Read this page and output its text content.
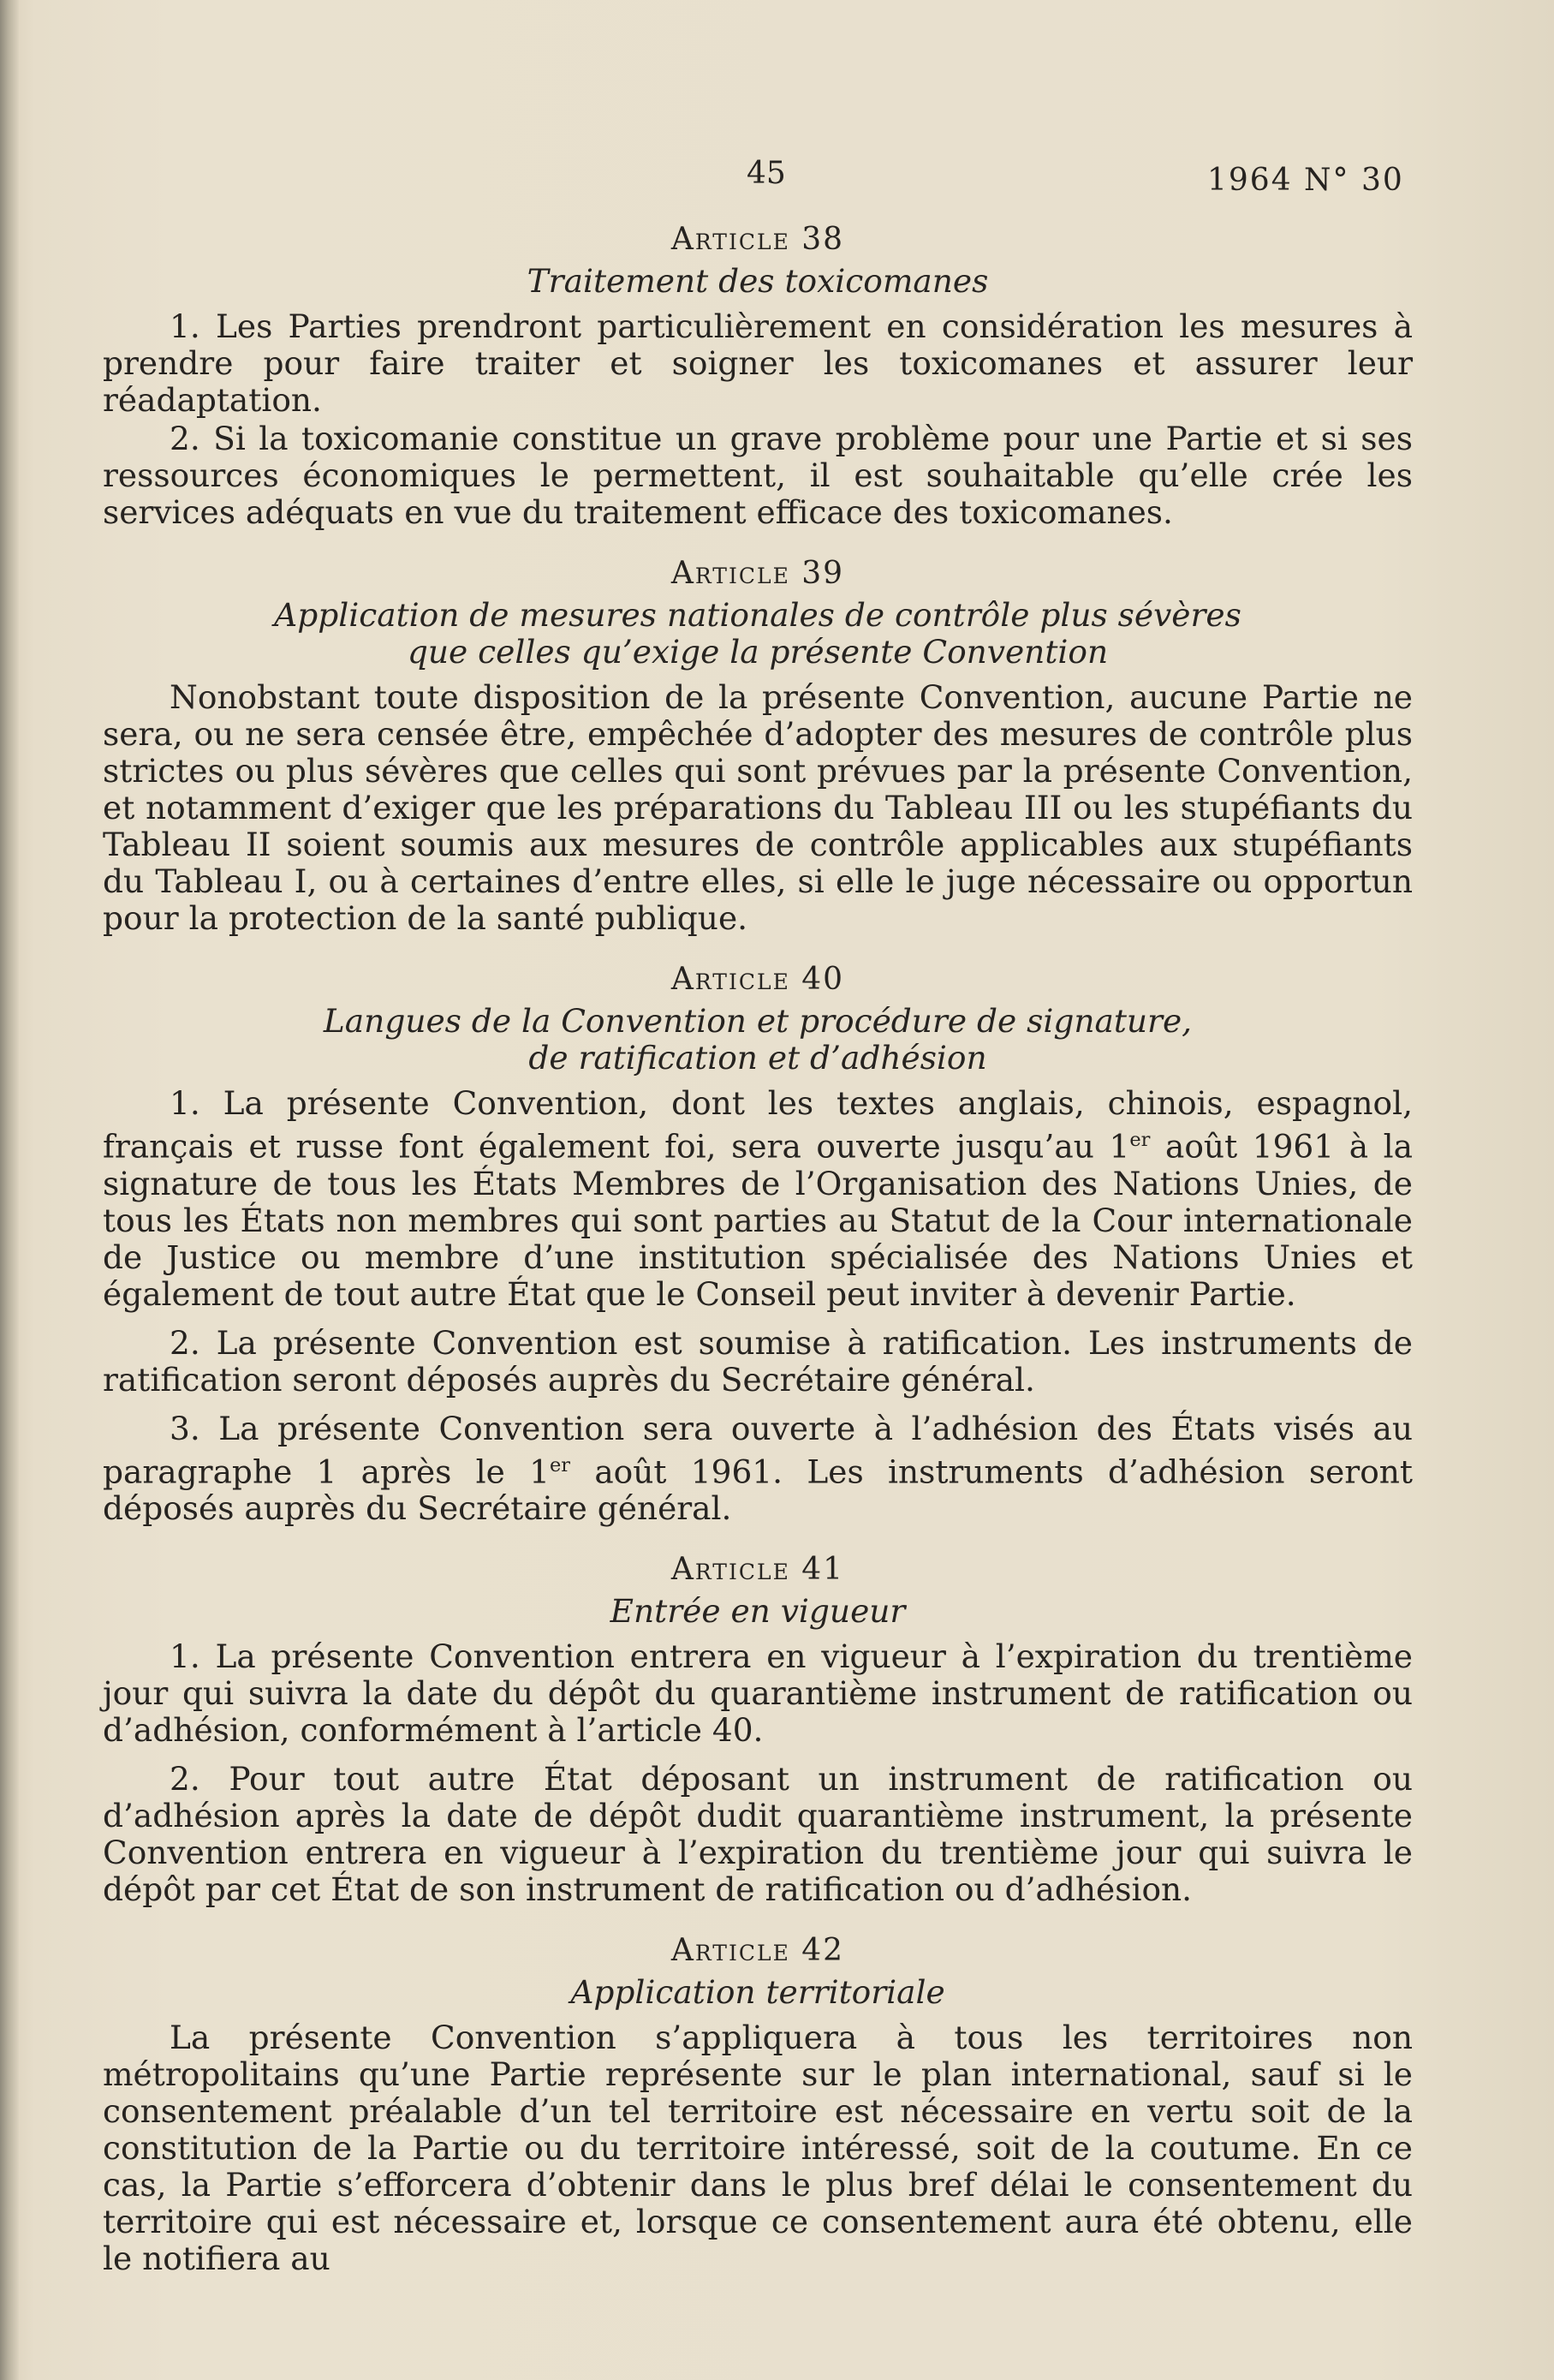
45	1964 N° 30
Article 38
Traitement des toxicomanes

1. Les Parties prendront particulièrement en considération les mesures à prendre pour faire traiter et soigner les toxicomanes et assurer leur réadaptation.

2. Si la toxicomanie constitue un grave problème pour une Partie et si ses ressources économiques le permettent, il est souhaitable qu’elle crée les services adéquats en vue du traitement efficace des toxicomanes.

Article 39
Application de mesures nationales de contrôle plus sévères
que celles qu’exige la présente Convention

Nonobstant toute disposition de la présente Convention, aucune Partie ne sera, ou ne sera censée être, empêchée d’adopter des mesures de contrôle plus strictes ou plus sévères que celles qui sont prévues par la présente Convention, et notamment d’exiger que les préparations du Tableau III ou les stupéfiants du Tableau II soient soumis aux mesures de contrôle applicables aux stupéfiants du Tableau I, ou à certaines d’entre elles, si elle le juge nécessaire ou opportun pour la protection de la santé publique.

Article 40
Langues de la Convention et procédure de signature,
de ratification et d’adhésion

1. La présente Convention, dont les textes anglais, chinois, espagnol, français et russe font également foi, sera ouverte jusqu’au 1er août 1961 à la signature de tous les États Membres de l’Organisation des Nations Unies, de tous les États non membres qui sont parties au Statut de la Cour internationale de Justice ou membre d’une institution spécialisée des Nations Unies et également de tout autre État que le Conseil peut inviter à devenir Partie.

2. La présente Convention est soumise à ratification. Les instruments de ratification seront déposés auprès du Secrétaire général.

3. La présente Convention sera ouverte à l’adhésion des États visés au paragraphe 1 après le 1er août 1961. Les instruments d’adhésion seront déposés auprès du Secrétaire général.

Article 41
Entrée en vigueur

1. La présente Convention entrera en vigueur à l’expiration du trentième jour qui suivra la date du dépôt du quarantième instrument de ratification ou d’adhésion, conformément à l’article 40.

2. Pour tout autre État déposant un instrument de ratification ou d’adhésion après la date de dépôt dudit quarantième instrument, la présente Convention entrera en vigueur à l’expiration du trentième jour qui suivra le dépôt par cet État de son instrument de ratification ou d’adhésion.

Article 42
Application territoriale

La présente Convention s’appliquera à tous les territoires non métropolitains qu’une Partie représente sur le plan international, sauf si le consentement préalable d’un tel territoire est nécessaire en vertu soit de la constitution de la Partie ou du territoire intéressé, soit de la coutume. En ce cas, la Partie s’efforcera d’obtenir dans le plus bref délai le consentement du territoire qui est nécessaire et, lorsque ce consentement aura été obtenu, elle le notifiera au
